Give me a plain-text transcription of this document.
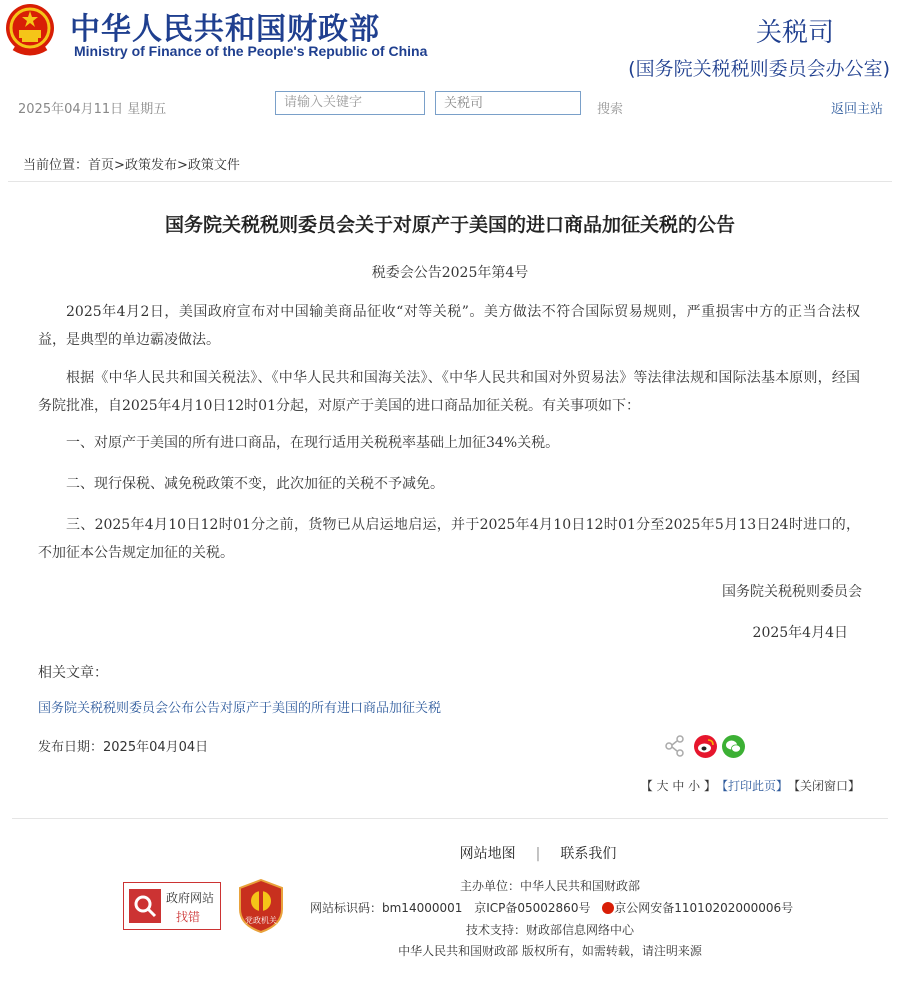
中华人民共和国财政部
Ministry of Finance of the People's Republic of China
关税司
(国务院关税税则委员会办公室)
2025年04月11日 星期五
请输入关键字	关税司	搜索	返回主站
当前位置：首页>政策发布>政策文件
国务院关税税则委员会关于对原产于美国的进口商品加征关税的公告
税委会公告2025年第4号

2025年4月2日，美国政府宣布对中国输美商品征收“对等关税”。美方做法不符合国际贸易规则，严重损害中方的正当合法权益，是典型的单边霸凌做法。

根据《中华人民共和国关税法》、《中华人民共和国海关法》、《中华人民共和国对外贸易法》等法律法规和国际法基本原则，经国务院批准，自2025年4月10日12时01分起，对原产于美国的进口商品加征关税。有关事项如下：

一、对原产于美国的所有进口商品，在现行适用关税税率基础上加征34%关税。

二、现行保税、减免税政策不变，此次加征的关税不予减免。

三、2025年4月10日12时01分之前，货物已从启运地启运，并于2025年4月10日12时01分至2025年5月13日24时进口的，不加征本公告规定加征的关税。

国务院关税税则委员会
2025年4月4日
相关文章：
国务院关税税则委员会公布公告对原产于美国的所有进口商品加征关税
发布日期：2025年04月04日
【 大 中 小 】 【打印此页】 【关闭窗口】
网站地图 | 联系我们
政府网站
找错	党政机关
主办单位：中华人民共和国财政部
网站标识码：bm14000001 京ICP备05002860号 京公网安备11010202000006号
技术支持：财政部信息网络中心
中华人民共和国财政部 版权所有，如需转载，请注明来源
